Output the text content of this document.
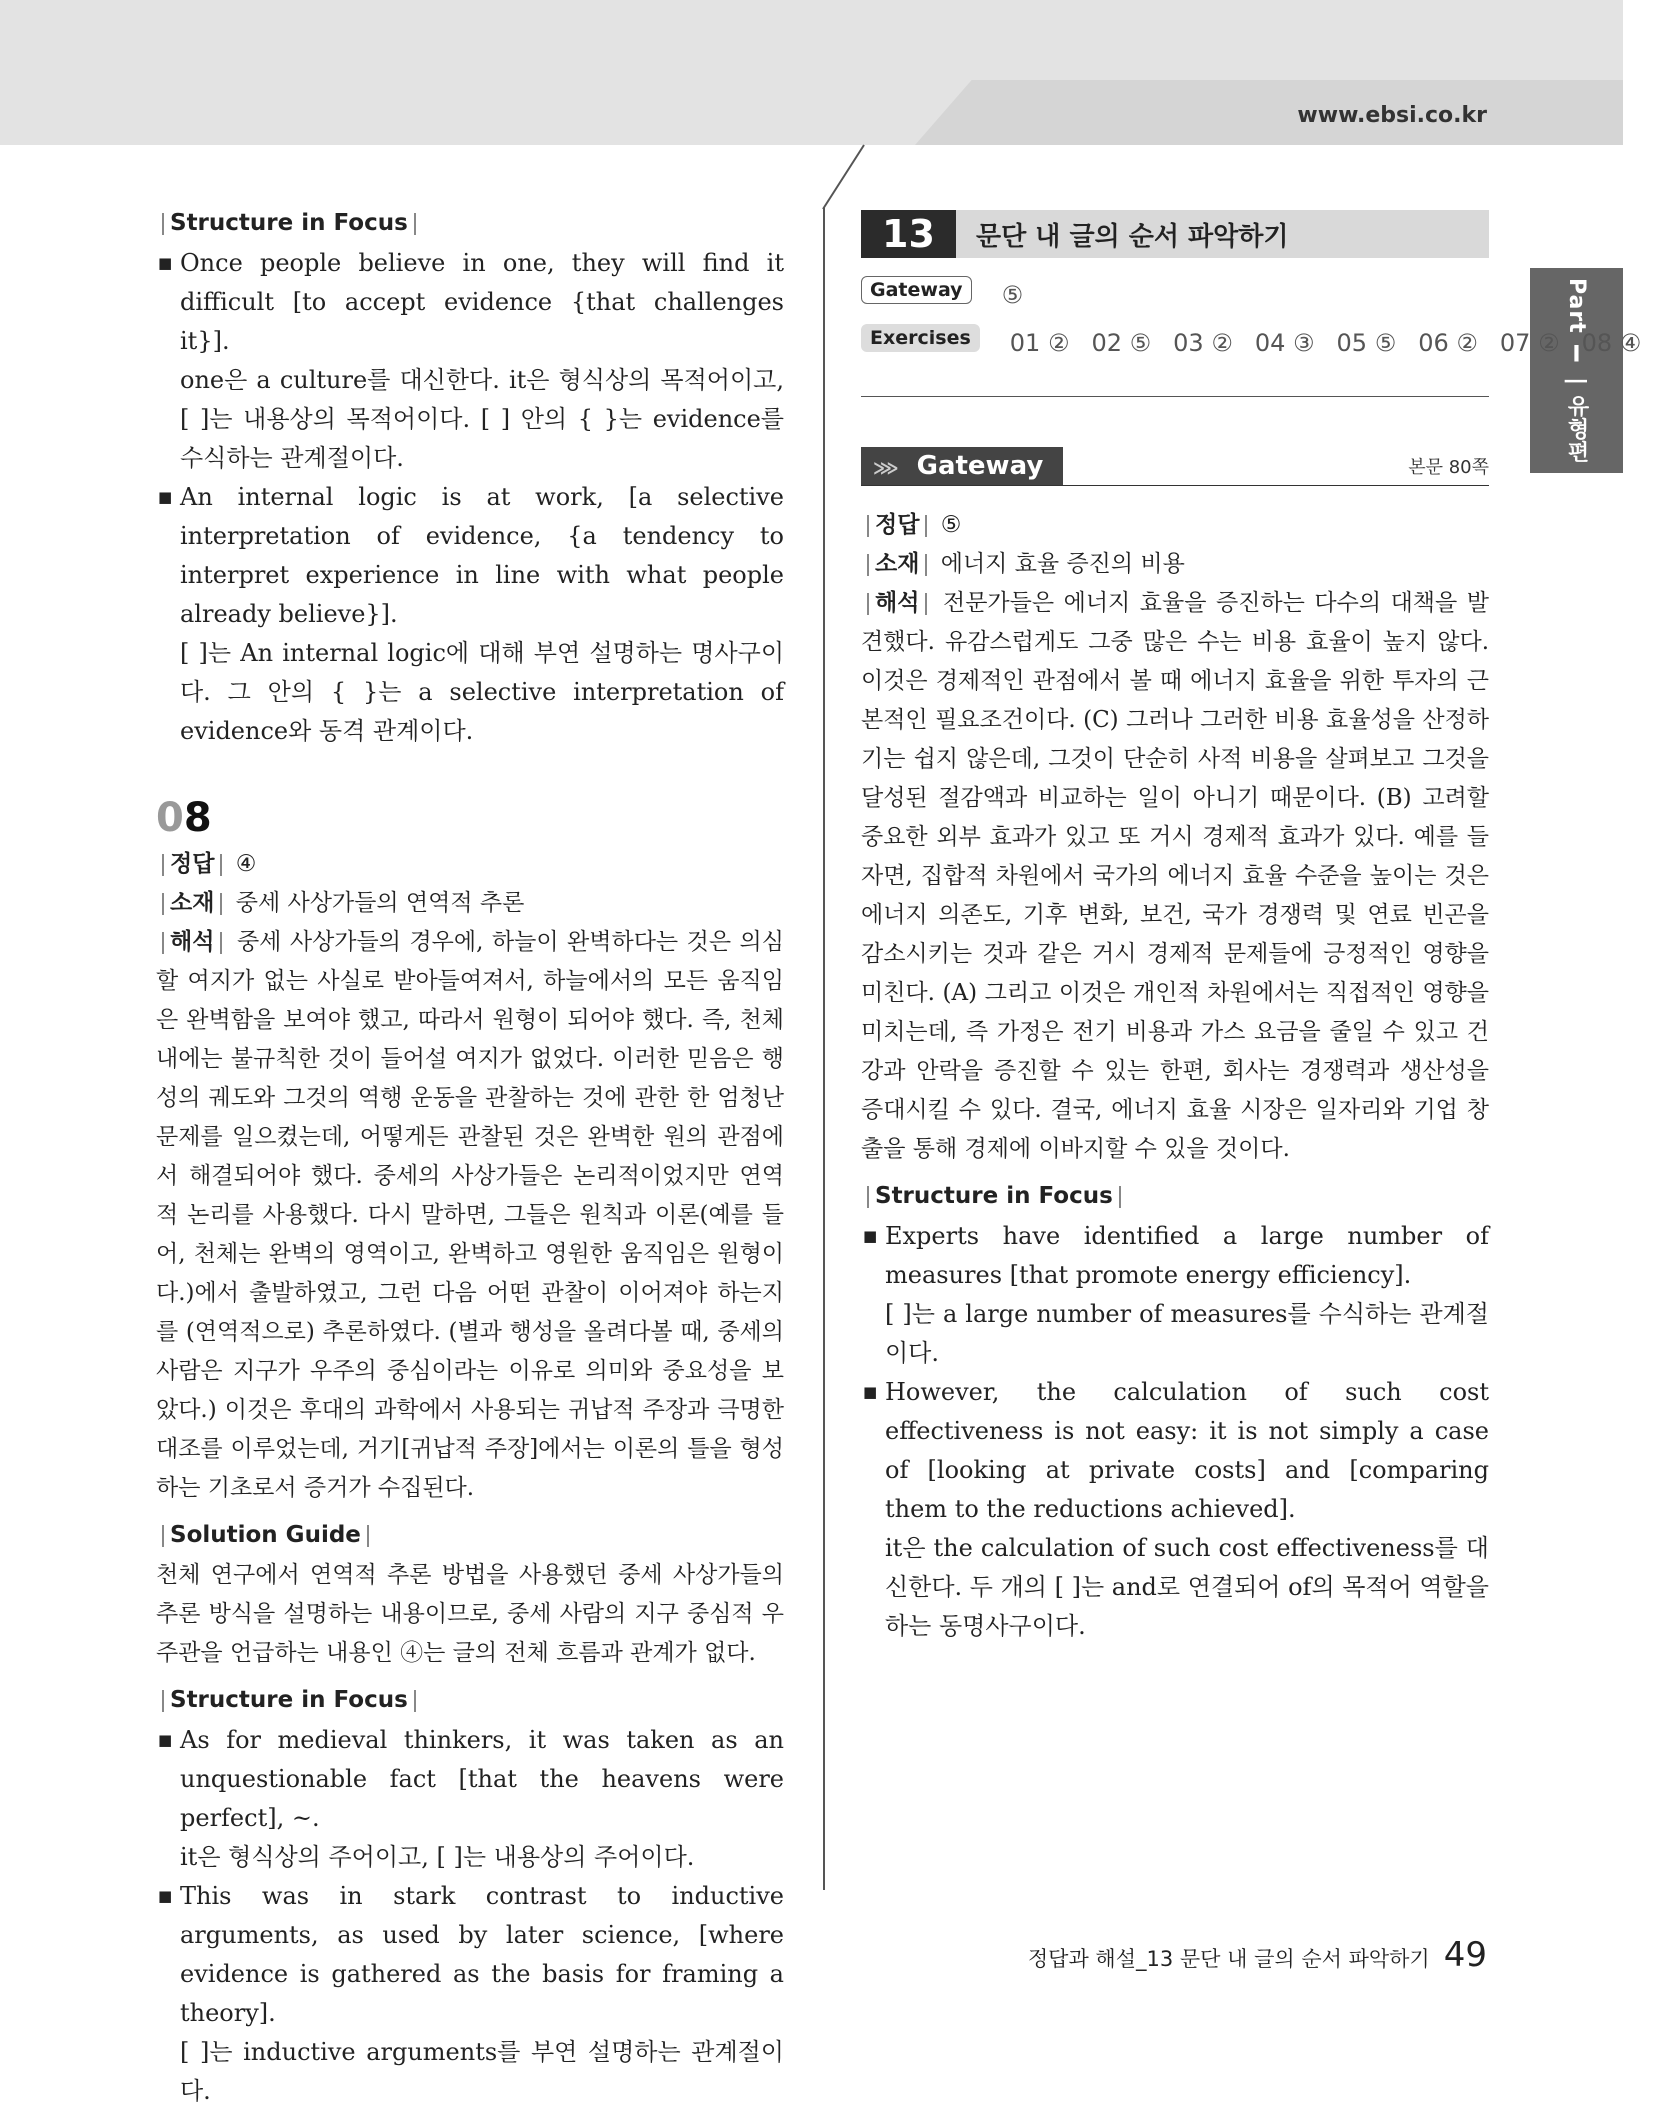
www.ebsi.co.kr
Part Ⅰ | 유형편
Structure in Focus
■ Once people believe in one, they will find it difficult [to accept evidence {that challenges it}].
one은 a culture를 대신한다. it은 형식상의 목적어이고, [ ]는 내용상의 목적어이다. [ ] 안의 { }는 evidence를 수식하는 관계절이다.
■ An internal logic is at work, [a selective interpretation of evidence, {a tendency to interpret experience in line with what people already believe}].
[ ]는 An internal logic에 대해 부연 설명하는 명사구이다. 그 안의 { }는 a selective interpretation of evidence와 동격 관계이다.
08
정답 ④
소재 중세 사상가들의 연역적 추론
해석 중세 사상가들의 경우에, 하늘이 완벽하다는 것은 의심할 여지가 없는 사실로 받아들여져서, 하늘에서의 모든 움직임은 완벽함을 보여야 했고, 따라서 원형이 되어야 했다. 즉, 천체 내에는 불규칙한 것이 들어설 여지가 없었다. 이러한 믿음은 행성의 궤도와 그것의 역행 운동을 관찰하는 것에 관한 한 엄청난 문제를 일으켰는데, 어떻게든 관찰된 것은 완벽한 원의 관점에서 해결되어야 했다. 중세의 사상가들은 논리적이었지만 연역적 논리를 사용했다. 다시 말하면, 그들은 원칙과 이론(예를 들어, 천체는 완벽의 영역이고, 완벽하고 영원한 움직임은 원형이다.)에서 출발하였고, 그런 다음 어떤 관찰이 이어져야 하는지를 (연역적으로) 추론하였다. (별과 행성을 올려다볼 때, 중세의 사람은 지구가 우주의 중심이라는 이유로 의미와 중요성을 보았다.) 이것은 후대의 과학에서 사용되는 귀납적 주장과 극명한 대조를 이루었는데, 거기[귀납적 주장]에서는 이론의 틀을 형성하는 기초로서 증거가 수집된다.
Solution Guide
천체 연구에서 연역적 추론 방법을 사용했던 중세 사상가들의 추론 방식을 설명하는 내용이므로, 중세 사람의 지구 중심적 우주관을 언급하는 내용인 ④는 글의 전체 흐름과 관계가 없다.
Structure in Focus
■ As for medieval thinkers, it was taken as an unquestionable fact [that the heavens were perfect], ~.
it은 형식상의 주어이고, [ ]는 내용상의 주어이다.
■ This was in stark contrast to inductive arguments, as used by later science, [where evidence is gathered as the basis for framing a theory].
[ ]는 inductive arguments를 부연 설명하는 관계절이다.
13	문단 내 글의 순서 파악하기
Gateway	⑤
Exercises	01 ② 02 ⑤ 03 ② 04 ③ 05 ⑤ 06 ② 07 ② 08 ④
⋙ Gateway	본문 80쪽
정답 ⑤
소재 에너지 효율 증진의 비용
해석 전문가들은 에너지 효율을 증진하는 다수의 대책을 발견했다. 유감스럽게도 그중 많은 수는 비용 효율이 높지 않다. 이것은 경제적인 관점에서 볼 때 에너지 효율을 위한 투자의 근본적인 필요조건이다. (C) 그러나 그러한 비용 효율성을 산정하기는 쉽지 않은데, 그것이 단순히 사적 비용을 살펴보고 그것을 달성된 절감액과 비교하는 일이 아니기 때문이다. (B) 고려할 중요한 외부 효과가 있고 또 거시 경제적 효과가 있다. 예를 들자면, 집합적 차원에서 국가의 에너지 효율 수준을 높이는 것은 에너지 의존도, 기후 변화, 보건, 국가 경쟁력 및 연료 빈곤을 감소시키는 것과 같은 거시 경제적 문제들에 긍정적인 영향을 미친다. (A) 그리고 이것은 개인적 차원에서는 직접적인 영향을 미치는데, 즉 가정은 전기 비용과 가스 요금을 줄일 수 있고 건강과 안락을 증진할 수 있는 한편, 회사는 경쟁력과 생산성을 증대시킬 수 있다. 결국, 에너지 효율 시장은 일자리와 기업 창출을 통해 경제에 이바지할 수 있을 것이다.
Structure in Focus
■ Experts have identified a large number of measures [that promote energy efficiency].
[ ]는 a large number of measures를 수식하는 관계절이다.
■ However, the calculation of such cost effectiveness is not easy: it is not simply a case of [looking at private costs] and [comparing them to the reductions achieved].
it은 the calculation of such cost effectiveness를 대신한다. 두 개의 [ ]는 and로 연결되어 of의 목적어 역할을 하는 동명사구이다.
정답과 해설_13 문단 내 글의 순서 파악하기 49
